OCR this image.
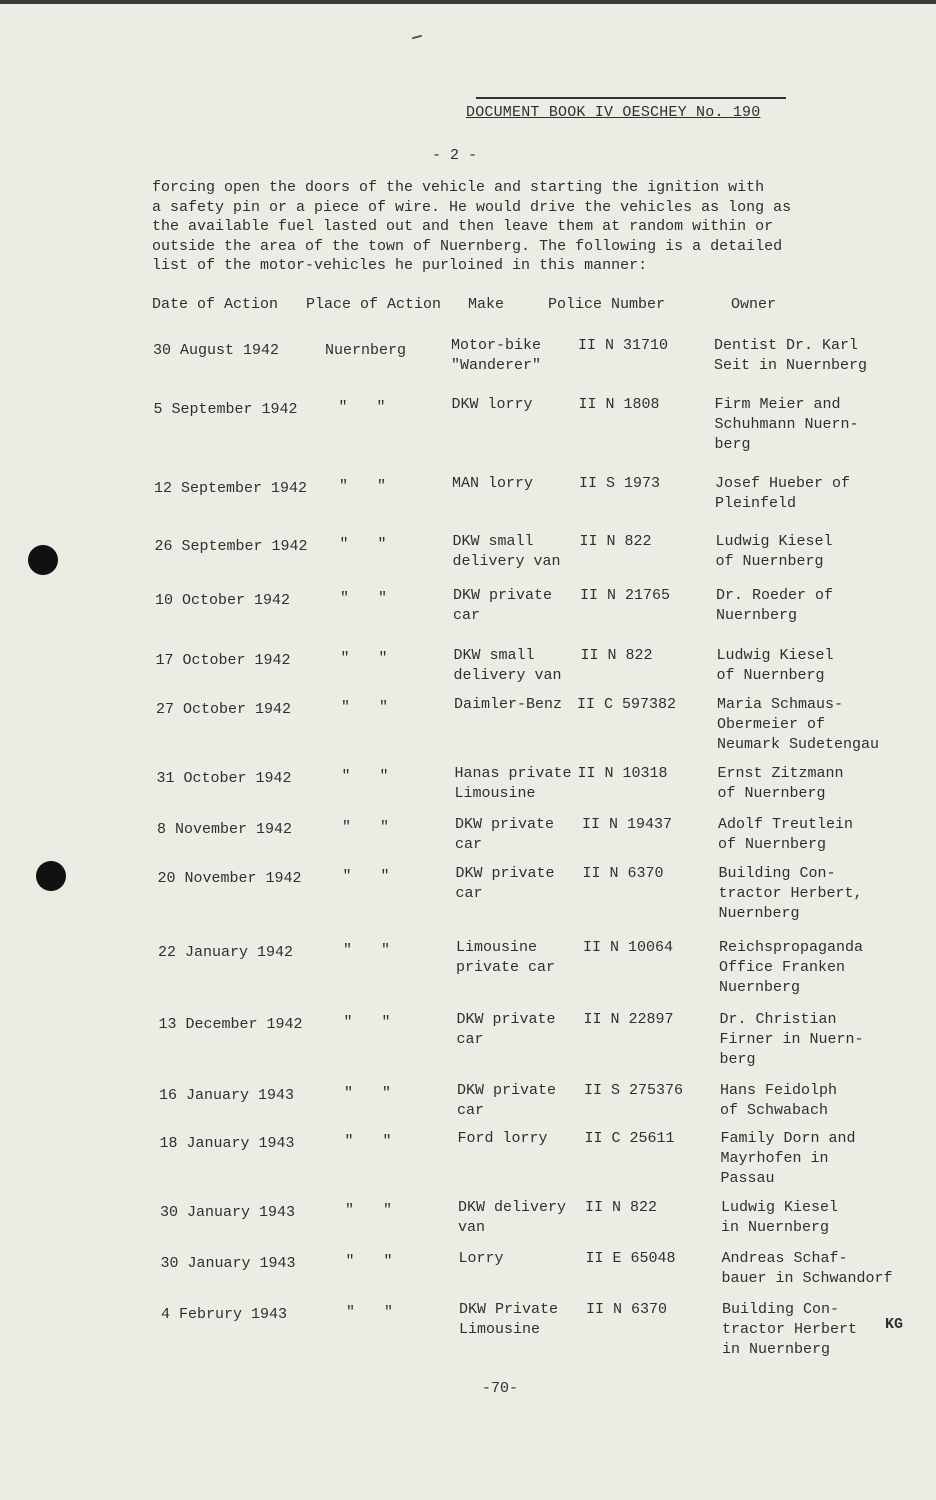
DOCUMENT BOOK IV OESCHEY No. 190
- 2 -
forcing open the doors of the vehicle and starting the ignition with
a safety pin or a piece of wire. He would drive the vehicles as long as
the available fuel lasted out and then leave them at random within or
outside the area of the town of Nuernberg. The following is a detailed
list of the motor-vehicles he purloined in this manner:
Date of Action Place of Action Make	Police Number	Owner
30 August 1942	Nuernberg	Motor-bike
"Wanderer"
II N 31710	Dentist Dr. Karl
Seit in Nuernberg
5 September 1942	" "	DKW lorry	II N 1808	Firm Meier and
Schuhmann Nuern-
berg
12 September 1942 " "	MAN lorry	II S 1973	Josef Hueber of
Pleinfeld
26 September 1942 " "	DKW small
delivery van
II N 822	Ludwig Kiesel
of Nuernberg
10 October 1942	" "	DKW private
car
II N 21765	Dr. Roeder of
Nuernberg
17 October 1942	" "	DKW small
delivery van
II N 822	Ludwig Kiesel
of Nuernberg
27 October 1942	" "	Daimler-Benz II C 597382	Maria Schmaus-
Obermeier of
Neumark Sudetengau
31 October 1942	" "	Hanas private
Limousine
II N 10318	Ernst Zitzmann
of Nuernberg
8 November 1942	" "	DKW private
car
II N 19437	Adolf Treutlein
of Nuernberg
20 November 1942	" "	DKW private
car
II N 6370	Building Con-
tractor Herbert,
Nuernberg
22 January 1942	" "	Limousine
private car
II N 10064	Reichspropaganda
Office Franken
Nuernberg
13 December 1942	" "	DKW private
car
II N 22897	Dr. Christian
Firner in Nuern-
berg
16 January 1943	" "	DKW private
car
II S 275376 Hans Feidolph
of Schwabach
18 January 1943	" "	Ford lorry II C 25611	Family Dorn and
Mayrhofen in
Passau
30 January 1943	" "	DKW delivery
van
II N 822	Ludwig Kiesel
in Nuernberg
30 January 1943	" "	Lorry	II E 65048	Andreas Schaf-
bauer in Schwandorf
4 Februry 1943	" "	DKW Private
Limousine
II N 6370	Building Con-
tractor Herbert
in Nuernberg
KG
-70-
